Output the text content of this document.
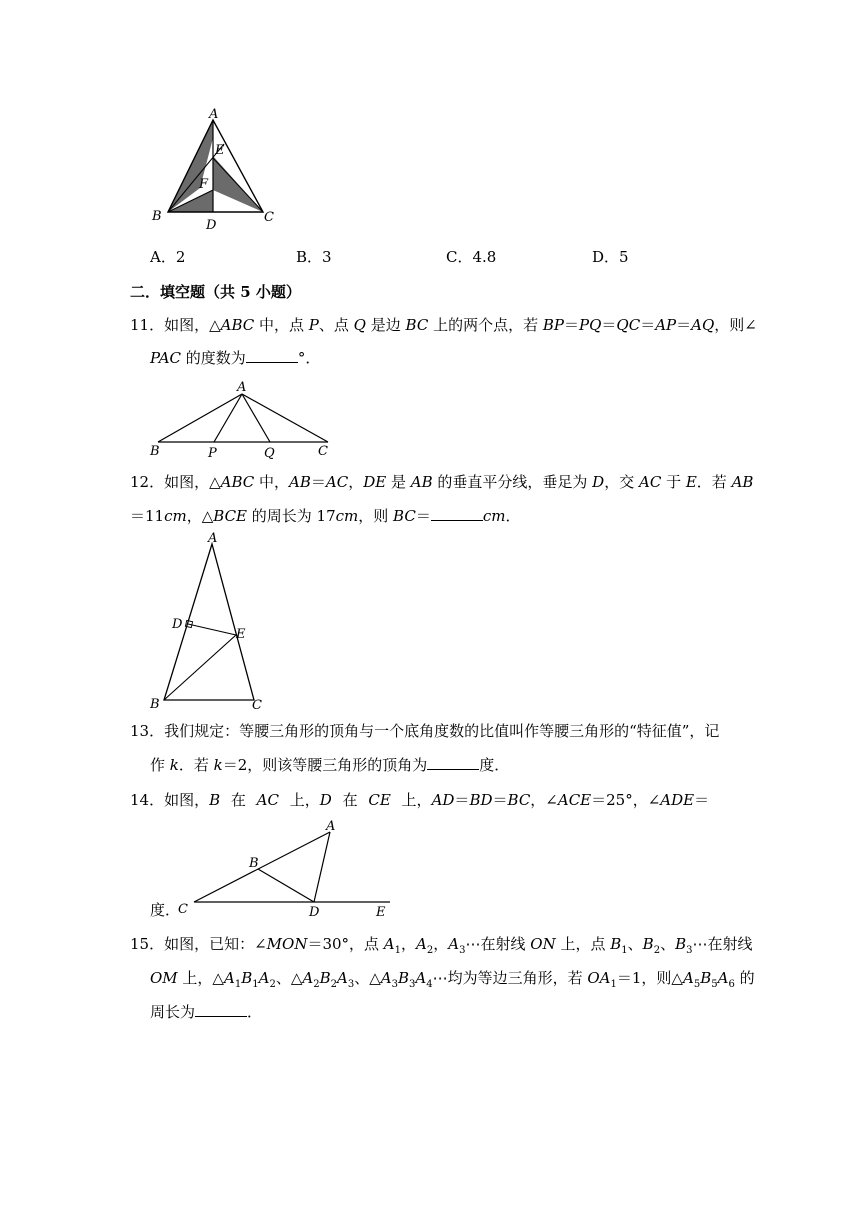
A
E
F
B
D
C
A．2	B．3	C．4.8	D．5
二．填空题（共 5 小题）
11．如图，△ABC 中，点 P、点 Q 是边 BC 上的两个点，若 BP＝PQ＝QC＝AP＝AQ，则∠
PAC 的度数为	°．
A
B	P	Q	C
12．如图，△ABC 中，AB＝AC，DE 是 AB 的垂直平分线，垂足为 D，交 AC 于 E．若 AB
＝11cm，△BCE 的周长为 17cm，则 BC＝	cm．
A
D
E
B	C
13．我们规定：等腰三角形的顶角与一个底角度数的比值叫作等腰三角形的“特征值”，记
作 k．若 k＝2，则该等腰三角形的顶角为	度．
14．如图，B 在 AC 上，D 在 CE 上，AD＝BD＝BC，∠ACE＝25°，∠ADE＝
度．
A
B
C	D	E
15．如图，已知：∠MON＝30°，点 $A_1$，$A_2$，$A_3\cdots$在射线 ON 上，点 $B_1$、$B_2$、$B_3\cdots$在射线
OM 上，$\triangle A_1B_1A_2$、$\triangle A_2B_2A_3$、$\triangle A_3B_3A_4\cdots$均为等边三角形，若 $OA_1=1$，则$\triangle A_5B_5A_6$ 的
周长为	．
